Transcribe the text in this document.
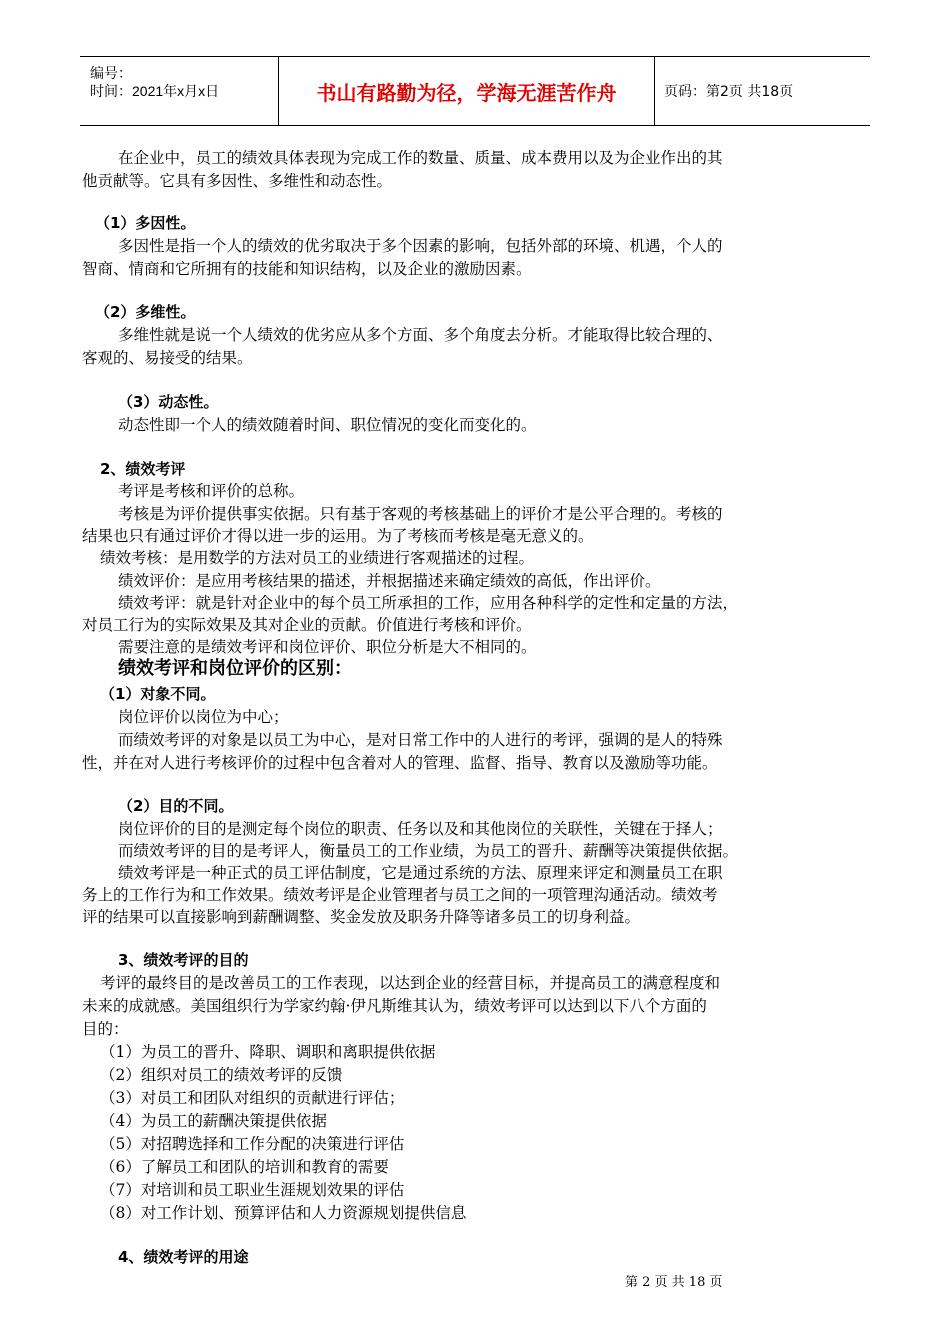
编号：
时间：2021年x月x日	书山有路勤为径，学海无涯苦作舟	页码：第2页 共18页
在企业中，员工的绩效具体表现为完成工作的数量、质量、成本费用以及为企业作出的其
他贡献等。它具有多因性、多维性和动态性。
（1）多因性。
多因性是指一个人的绩效的优劣取决于多个因素的影响，包括外部的环境、机遇，个人的
智商、情商和它所拥有的技能和知识结构，以及企业的激励因素。
（2）多维性。
多维性就是说一个人绩效的优劣应从多个方面、多个角度去分析。才能取得比较合理的、
客观的、易接受的结果。
（3）动态性。
动态性即一个人的绩效随着时间、职位情况的变化而变化的。
2、绩效考评
考评是考核和评价的总称。
考核是为评价提供事实依据。只有基于客观的考核基础上的评价才是公平合理的。考核的
结果也只有通过评价才得以进一步的运用。为了考核而考核是毫无意义的。
绩效考核：是用数学的方法对员工的业绩进行客观描述的过程。
绩效评价：是应用考核结果的描述，并根据描述来确定绩效的高低，作出评价。
绩效考评：就是针对企业中的每个员工所承担的工作，应用各种科学的定性和定量的方法，
对员工行为的实际效果及其对企业的贡献。价值进行考核和评价。
需要注意的是绩效考评和岗位评价、职位分析是大不相同的。
绩效考评和岗位评价的区别：
（1）对象不同。
岗位评价以岗位为中心；
而绩效考评的对象是以员工为中心，是对日常工作中的人进行的考评，强调的是人的特殊
性，并在对人进行考核评价的过程中包含着对人的管理、监督、指导、教育以及激励等功能。
（2）目的不同。
岗位评价的目的是测定每个岗位的职责、任务以及和其他岗位的关联性，关键在于择人；
而绩效考评的目的是考评人，衡量员工的工作业绩，为员工的晋升、薪酬等决策提供依据。
绩效考评是一种正式的员工评估制度，它是通过系统的方法、原理来评定和测量员工在职
务上的工作行为和工作效果。绩效考评是企业管理者与员工之间的一项管理沟通活动。绩效考
评的结果可以直接影响到薪酬调整、奖金发放及职务升降等诸多员工的切身利益。
3、绩效考评的目的
考评的最终目的是改善员工的工作表现，以达到企业的经营目标，并提高员工的满意程度和
未来的成就感。美国组织行为学家约翰·伊凡斯维其认为，绩效考评可以达到以下八个方面的
目的：
（1）为员工的晋升、降职、调职和离职提供依据
（2）组织对员工的绩效考评的反馈
（3）对员工和团队对组织的贡献进行评估；
（4）为员工的薪酬决策提供依据
（5）对招聘选择和工作分配的决策进行评估
（6）了解员工和团队的培训和教育的需要
（7）对培训和员工职业生涯规划效果的评估
（8）对工作计划、预算评估和人力资源规划提供信息
4、绩效考评的用途
第 2 页 共 18 页
